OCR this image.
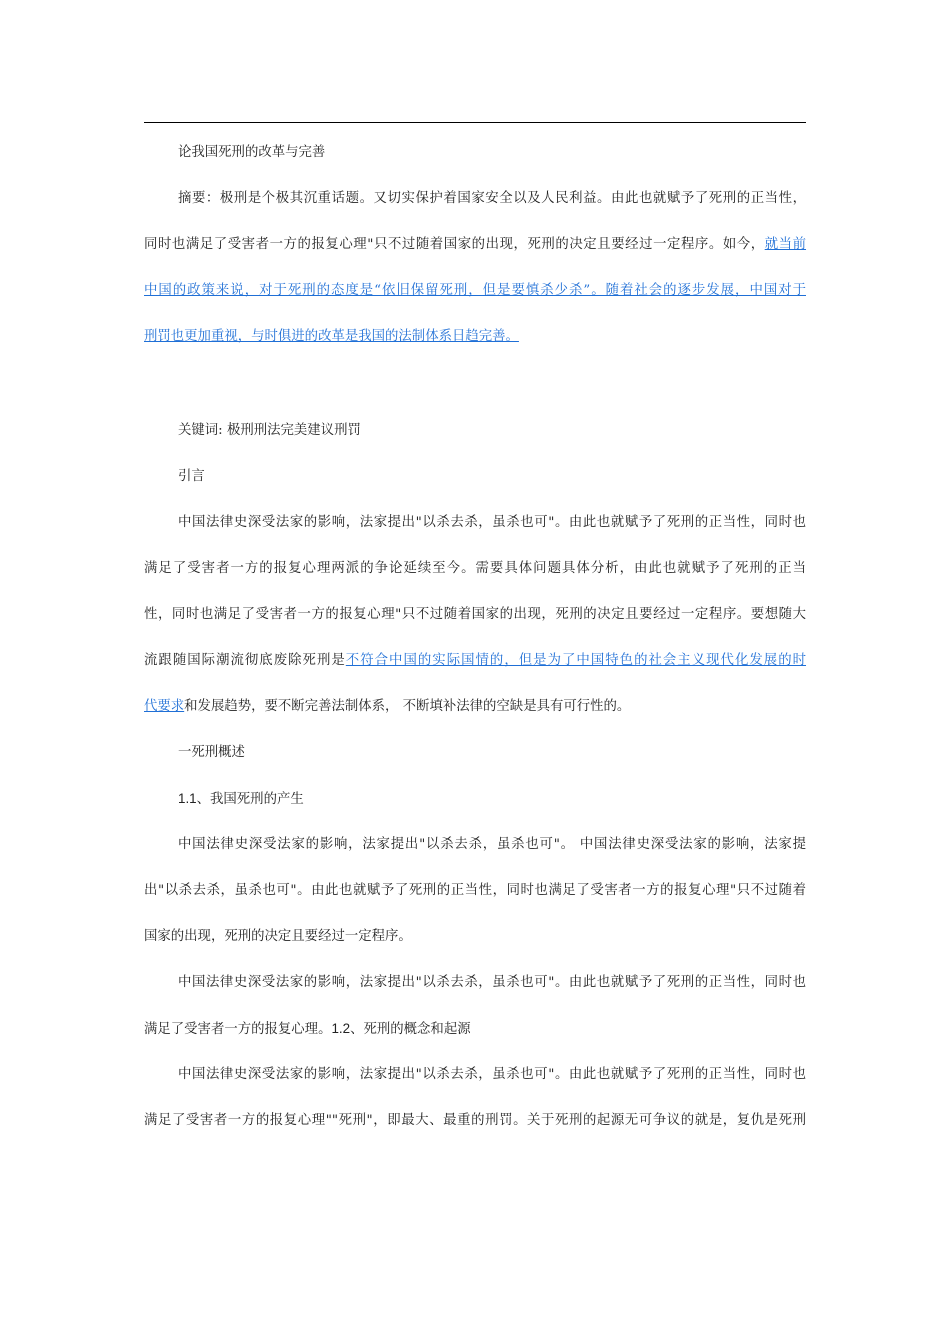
论我国死刑的改革与完善
摘要：极刑是个极其沉重话题。又切实保护着国家安全以及人民利益。由此也就赋予了死刑的正当性，
同时也满足了受害者一方的报复心理"只不过随着国家的出现，死刑的决定且要经过一定程序。如今，就当前
中国的政策来说，对于死刑的态度是“依旧保留死刑，但是要慎杀少杀”。随着社会的逐步发展，中国对于
刑罚也更加重视，与时俱进的改革是我国的法制体系日趋完善。
关键词: 极刑刑法完美建议刑罚
引言
中国法律史深受法家的影响，法家提出"以杀去杀，虽杀也可"。由此也就赋予了死刑的正当性，同时也
满足了受害者一方的报复心理两派的争论延续至今。需要具体问题具体分析，由此也就赋予了死刑的正当
性，同时也满足了受害者一方的报复心理"只不过随着国家的出现，死刑的决定且要经过一定程序。要想随大
流跟随国际潮流彻底废除死刑是不符合中国的实际国情的，但是为了中国特色的社会主义现代化发展的时
代要求和发展趋势，要不断完善法制体系， 不断填补法律的空缺是具有可行性的。
一死刑概述
1.1、我国死刑的产生
中国法律史深受法家的影响，法家提出"以杀去杀，虽杀也可"。 中国法律史深受法家的影响，法家提
出"以杀去杀，虽杀也可"。由此也就赋予了死刑的正当性，同时也满足了受害者一方的报复心理"只不过随着
国家的出现，死刑的决定且要经过一定程序。
中国法律史深受法家的影响，法家提出"以杀去杀，虽杀也可"。由此也就赋予了死刑的正当性，同时也
满足了受害者一方的报复心理。1.2、死刑的概念和起源
中国法律史深受法家的影响，法家提出"以杀去杀，虽杀也可"。由此也就赋予了死刑的正当性，同时也
满足了受害者一方的报复心理""死刑"，即最大、最重的刑罚。关于死刑的起源无可争议的就是，复仇是死刑
